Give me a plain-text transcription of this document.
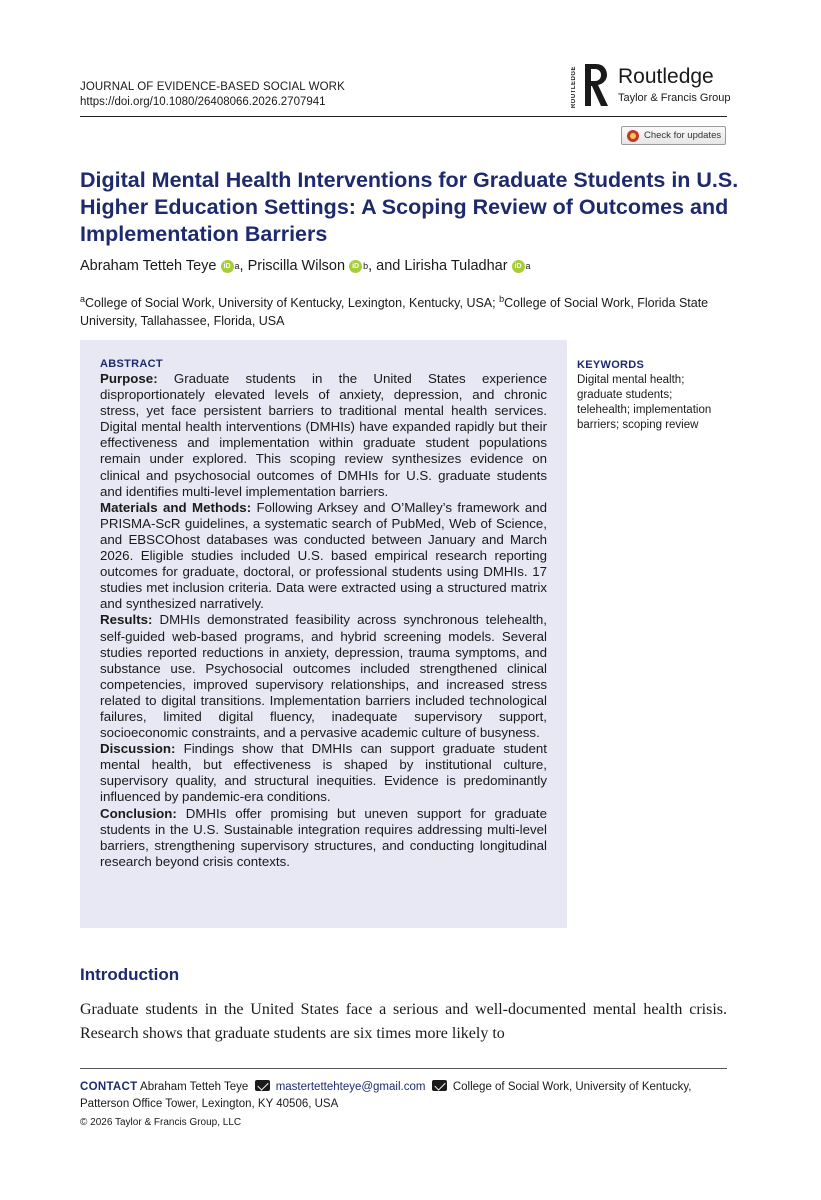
JOURNAL OF EVIDENCE-BASED SOCIAL WORK
https://doi.org/10.1080/26408066.2026.2707941	ROUTLEDGE Routledge
Taylor & Francis Group
Check for updates
Digital Mental Health Interventions for Graduate Students in U.S. Higher Education Settings: A Scoping Review of Outcomes and Implementation Barriers
Abraham Tetteh Teye	iD a , Priscilla Wilson	iD b , and Lirisha Tuladhar	iD a
$^a$College of Social Work, University of Kentucky, Lexington, Kentucky, USA; $^b$College of Social Work, Florida State University, Tallahassee, Florida, USA
ABSTRACT
Purpose: Graduate students in the United States experience disproportionately elevated levels of anxiety, depression, and chronic stress, yet face persistent barriers to traditional mental health services. Digital mental health interventions (DMHIs) have expanded rapidly but their effectiveness and implementation within graduate student populations remain under explored. This scoping review synthesizes evidence on clinical and psychosocial outcomes of DMHIs for U.S. graduate students and identifies multi-level implementation barriers.
Materials and Methods: Following Arksey and O’Malley’s framework and PRISMA-ScR guidelines, a systematic search of PubMed, Web of Science, and EBSCOhost databases was conducted between January and March 2026. Eligible studies included U.S. based empirical research reporting outcomes for graduate, doctoral, or professional students using DMHIs. 17 studies met inclusion criteria. Data were extracted using a structured matrix and synthesized narratively.
Results: DMHIs demonstrated feasibility across synchronous telehealth, self-guided web-based programs, and hybrid screening models. Several studies reported reductions in anxiety, depression, trauma symptoms, and substance use. Psychosocial outcomes included strengthened clinical competencies, improved supervisory relationships, and increased stress related to digital transitions. Implementation barriers included technological failures, limited digital fluency, inadequate supervisory support, socioeconomic constraints, and a pervasive academic culture of busyness.
Discussion: Findings show that DMHIs can support graduate student mental health, but effectiveness is shaped by institutional culture, supervisory quality, and structural inequities. Evidence is predominantly influenced by pandemic-era conditions.
Conclusion: DMHIs offer promising but uneven support for graduate students in the U.S. Sustainable integration requires addressing multi-level barriers, strengthening supervisory structures, and conducting longitudinal research beyond crisis contexts.
KEYWORDS
Digital mental health; graduate students; telehealth; implementation barriers; scoping review
Introduction
Graduate students in the United States face a serious and well-documented mental health crisis. Research shows that graduate students are six times more likely to
CONTACT Abraham Tetteh Teye mastertettehteye@gmail.com College of Social Work, University of Kentucky, Patterson Office Tower, Lexington, KY 40506, USA
© 2026 Taylor & Francis Group, LLC
